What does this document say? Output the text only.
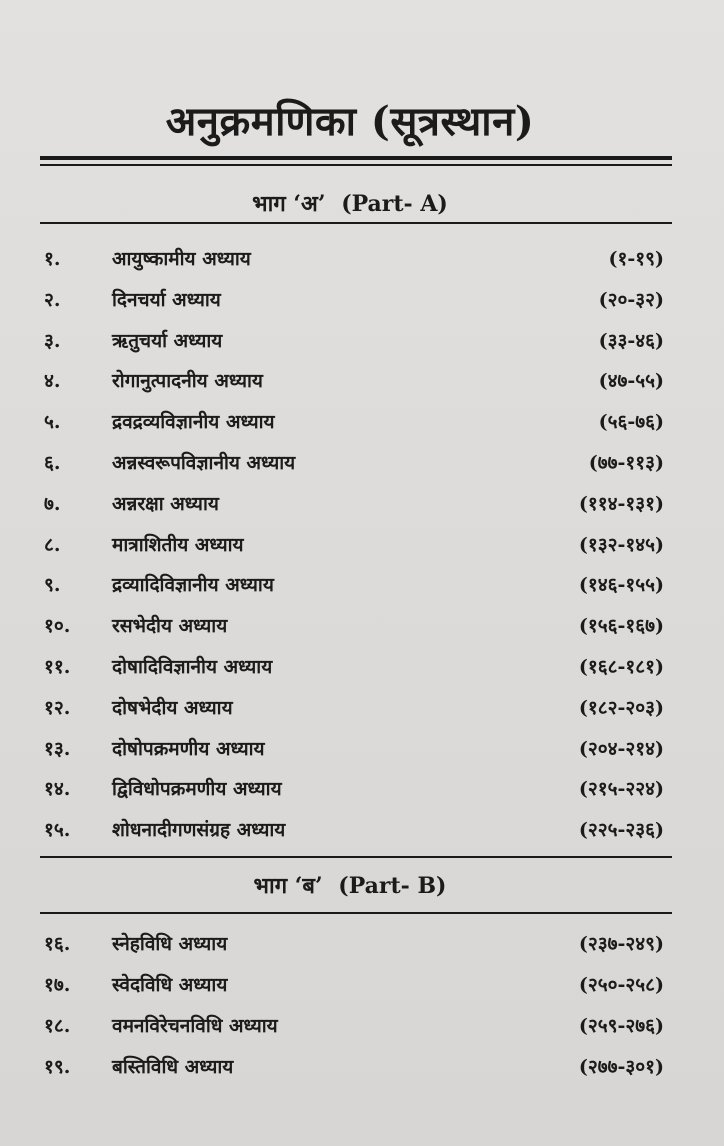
अनुक्रमणिका (सूत्रस्थान)
भाग ‘अ’ (Part- A)
१.	आयुष्कामीय अध्याय	(१-१९)
२.	दिनचर्या अध्याय	(२०-३२)
३.	ऋतुचर्या अध्याय	(३३-४६)
४.	रोगानुत्पादनीय अध्याय	(४७-५५)
५.	द्रवद्रव्यविज्ञानीय अध्याय	(५६-७६)
६.	अन्नस्वरूपविज्ञानीय अध्याय	(७७-११३)
७.	अन्नरक्षा अध्याय	(११४-१३१)
८.	मात्राशितीय अध्याय	(१३२-१४५)
९.	द्रव्यादिविज्ञानीय अध्याय	(१४६-१५५)
१०.	रसभेदीय अध्याय	(१५६-१६७)
११.	दोषादिविज्ञानीय अध्याय	(१६८-१८१)
१२.	दोषभेदीय अध्याय	(१८२-२०३)
१३.	दोषोपक्रमणीय अध्याय	(२०४-२१४)
१४.	द्विविधोपक्रमणीय अध्याय	(२१५-२२४)
१५.	शोधनादीगणसंग्रह अध्याय	(२२५-२३६)
भाग ‘ब’ (Part- B)
१६.	स्नेहविधि अध्याय	(२३७-२४९)
१७.	स्वेदविधि अध्याय	(२५०-२५८)
१८.	वमनविरेचनविधि अध्याय	(२५९-२७६)
१९.	बस्तिविधि अध्याय	(२७७-३०१)
